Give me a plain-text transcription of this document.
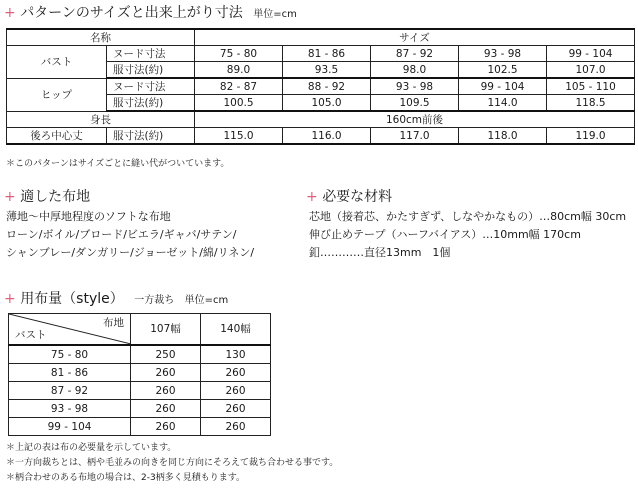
+ パターンのサイズと出来上がり寸法 単位=cm
名称		サイズ				
バスト	ヌード寸法	75 - 80	81 - 86	87 - 92	93 - 98	99 - 104
	服寸法(約)	89.0	93.5	98.0	102.5	107.0
ヒップ	ヌード寸法	82 - 87	88 - 92	93 - 98	99 - 104	105 - 110
	服寸法(約)	100.5	105.0	109.5	114.0	118.5
身長		160cm前後				
後ろ中心丈	服寸法(約)	115.0	116.0	117.0	118.0	119.0
＊このパターンはサイズごとに縫い代がついています。
+ 適した布地
薄地〜中厚地程度のソフトな布地
ローン/ボイル/ブロード/ビエラ/ギャバ/サテン/
シャンブレー/ダンガリー/ジョーゼット/綿/リネン/
+ 必要な材料
芯地（接着芯、かたすぎず、しなやかなもの）…80cm幅 30cm
伸び止めテープ（ハーフバイアス）…10mm幅 170cm
釦…………直径13mm　1個
+ 用布量（style） 一方裁ち 単位=cm
布地
バスト	107幅	140幅
75 - 80	250	130
81 - 86	260	260
87 - 92	260	260
93 - 98	260	260
99 - 104	260	260
＊上記の表は布の必要量を示しています。
＊一方向裁ちとは、柄や毛並みの向きを同じ方向にそろえて裁ち合わせる事です。
＊柄合わせのある布地の場合は、2-3柄多く見積もります。
